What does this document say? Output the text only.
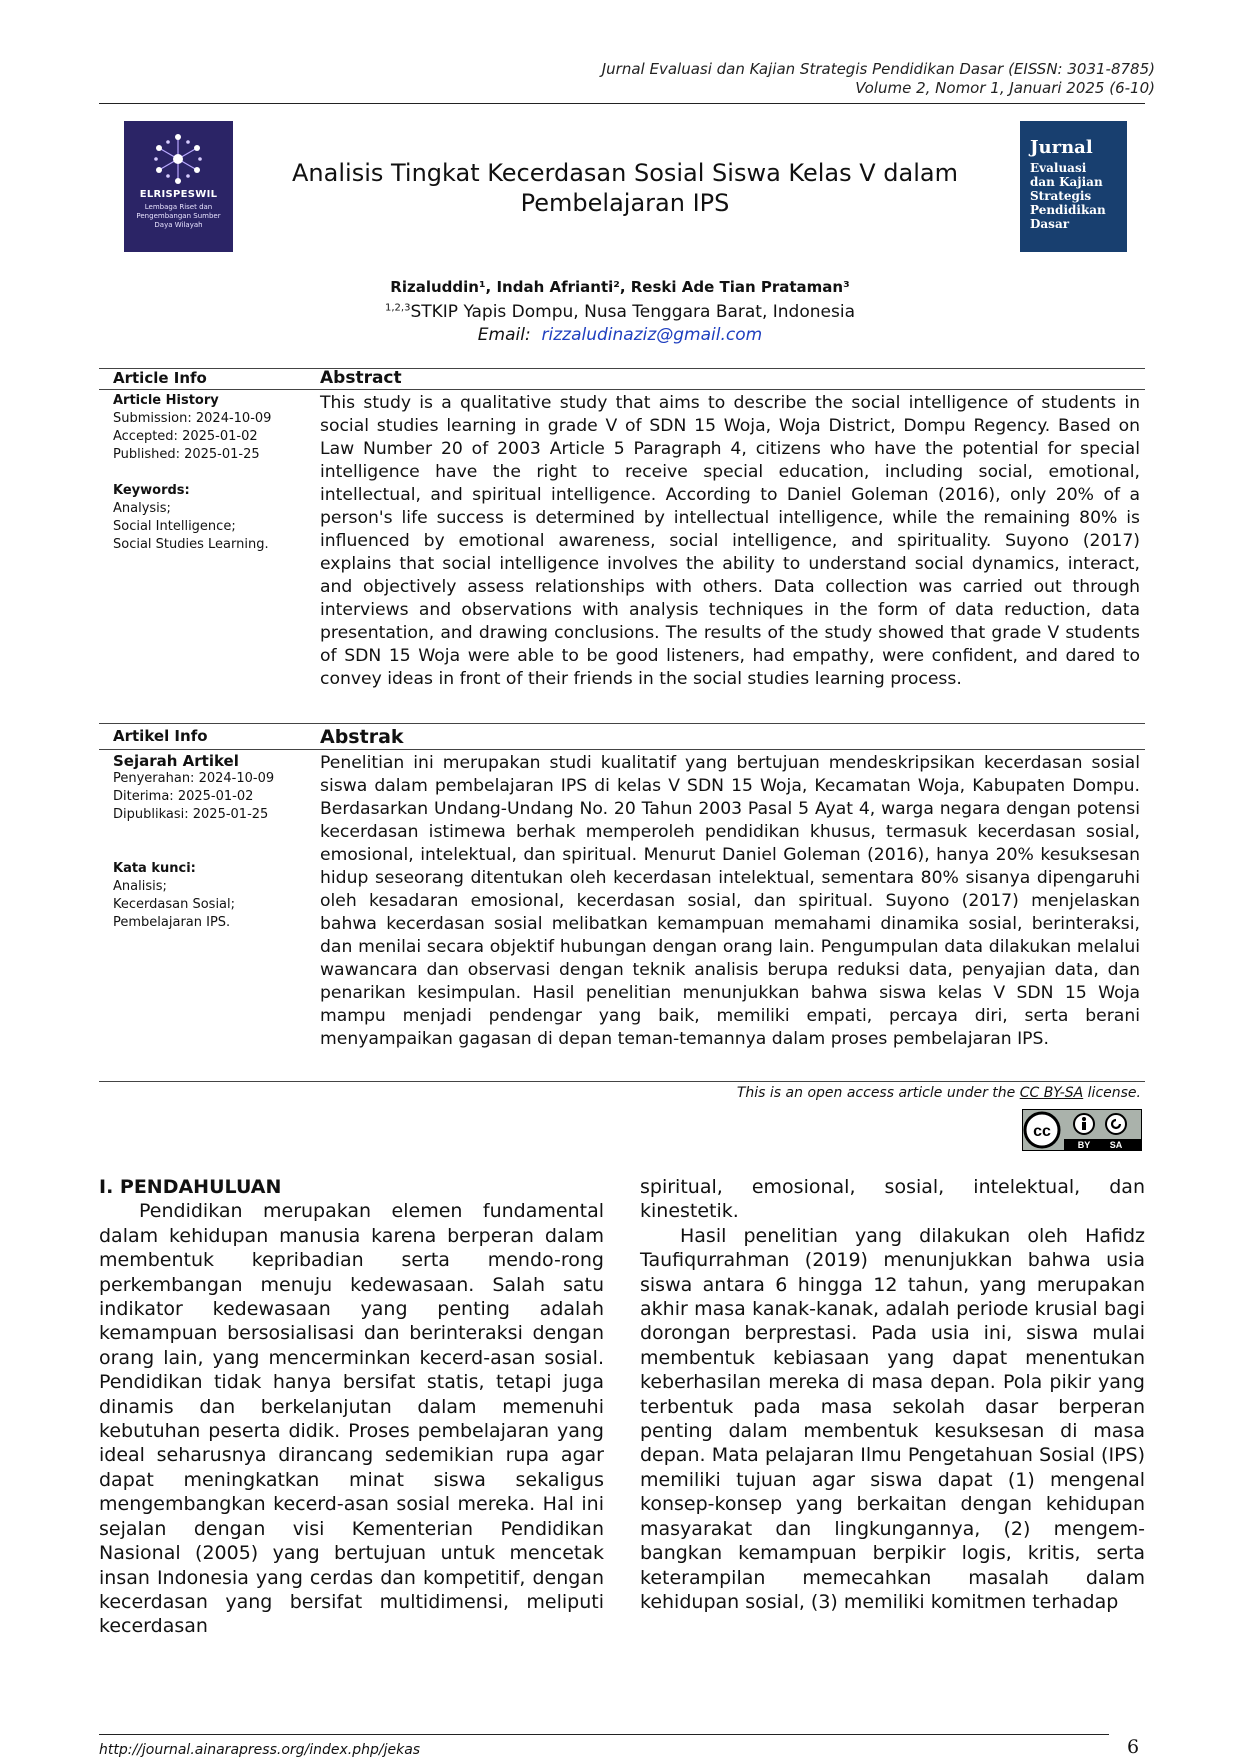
Jurnal Evaluasi dan Kajian Strategis Pendidikan Dasar (EISSN: 3031-8785)
Volume 2, Nomor 1, Januari 2025 (6-10)
ELRISPESWIL
Lembaga Riset dan Pengembangan Sumber Daya Wilayah
Analisis Tingkat Kecerdasan Sosial Siswa Kelas V dalam
Pembelajaran IPS
Jurnal
Evaluasi
dan Kajian
Strategis
Pendidikan
Dasar
Rizaluddin¹, Indah Afrianti², Reski Ade Tian Prataman³
$^{1,2,3}$STKIP Yapis Dompu, Nusa Tenggara Barat, Indonesia
Email: rizzaludinaziz@gmail.com
Article Info	Abstract
Article History
Submission: 2024-10-09
Accepted: 2025-01-02
Published: 2025-01-25
Keywords:
Analysis;
Social Intelligence;
Social Studies Learning.
This study is a qualitative study that aims to describe the social intelligence of students in social studies learning in grade V of SDN 15 Woja, Woja District, Dompu Regency. Based on Law Number 20 of 2003 Article 5 Paragraph 4, citizens who have the potential for special intelligence have the right to receive special education, including social, emotional, intellectual, and spiritual intelligence. According to Daniel Goleman (2016), only 20% of a person's life success is determined by intellectual intelligence, while the remaining 80% is influenced by emotional awareness, social intelligence, and spirituality. Suyono (2017) explains that social intelligence involves the ability to understand social dynamics, interact, and objectively assess relationships with others. Data collection was carried out through interviews and observations with analysis techniques in the form of data reduction, data presentation, and drawing conclusions. The results of the study showed that grade V students of SDN 15 Woja were able to be good listeners, had empathy, were confident, and dared to convey ideas in front of their friends in the social studies learning process.
Artikel Info	Abstrak
Sejarah Artikel
Penyerahan: 2024-10-09
Diterima: 2025-01-02
Dipublikasi: 2025-01-25
Kata kunci:
Analisis;
Kecerdasan Sosial;
Pembelajaran IPS.
Penelitian ini merupakan studi kualitatif yang bertujuan mendeskripsikan kecerdasan sosial siswa dalam pembelajaran IPS di kelas V SDN 15 Woja, Kecamatan Woja, Kabupaten Dompu. Berdasarkan Undang-Undang No. 20 Tahun 2003 Pasal 5 Ayat 4, warga negara dengan potensi kecerdasan istimewa berhak memperoleh pendidikan khusus, termasuk kecerdasan sosial, emosional, intelektual, dan spiritual. Menurut Daniel Goleman (2016), hanya 20% kesuksesan hidup seseorang ditentukan oleh kecerdasan intelektual, sementara 80% sisanya dipengaruhi oleh kesadaran emosional, kecerdasan sosial, dan spiritual. Suyono (2017) menjelaskan bahwa kecerdasan sosial melibatkan kemampuan memahami dinamika sosial, berinteraksi, dan menilai secara objektif hubungan dengan orang lain. Pengumpulan data dilakukan melalui wawancara dan observasi dengan teknik analisis berupa reduksi data, penyajian data, dan penarikan kesimpulan. Hasil penelitian menunjukkan bahwa siswa kelas V SDN 15 Woja mampu menjadi pendengar yang baik, memiliki empati, percaya diri, serta berani menyampaikan gagasan di depan teman-temannya dalam proses pembelajaran IPS.
This is an open access article under the CC BY-SA license.
cc
BY SA
I. PENDAHULUAN

Pendidikan merupakan elemen fundamental dalam kehidupan manusia karena berperan dalam membentuk kepribadian serta mendo-rong perkembangan menuju kedewasaan. Salah satu indikator kedewasaan yang penting adalah kemampuan bersosialisasi dan berinteraksi dengan orang lain, yang mencerminkan kecerd-asan sosial. Pendidikan tidak hanya bersifat statis, tetapi juga dinamis dan berkelanjutan dalam memenuhi kebutuhan peserta didik. Proses pembelajaran yang ideal seharusnya dirancang sedemikian rupa agar dapat meningkatkan minat siswa sekaligus mengembangkan kecerd-asan sosial mereka. Hal ini sejalan dengan visi Kementerian Pendidikan Nasional (2005) yang bertujuan untuk mencetak insan Indonesia yang cerdas dan kompetitif, dengan kecerdasan yang bersifat multidimensi, meliputi kecerdasan

spiritual, emosional, sosial, intelektual, dan kinestetik.

Hasil penelitian yang dilakukan oleh Hafidz Taufiqurrahman (2019) menunjukkan bahwa usia siswa antara 6 hingga 12 tahun, yang merupakan akhir masa kanak-kanak, adalah periode krusial bagi dorongan berprestasi. Pada usia ini, siswa mulai membentuk kebiasaan yang dapat menentukan keberhasilan mereka di masa depan. Pola pikir yang terbentuk pada masa sekolah dasar berperan penting dalam membentuk kesuksesan di masa depan. Mata pelajaran Ilmu Pengetahuan Sosial (IPS) memiliki tujuan agar siswa dapat (1) mengenal konsep-konsep yang berkaitan dengan kehidupan masyarakat dan lingkungannya, (2) mengem-bangkan kemampuan berpikir logis, kritis, serta keterampilan memecahkan masalah dalam kehidupan sosial, (3) memiliki komitmen terhadap

http://journal.ainarapress.org/index.php/jekas	6
